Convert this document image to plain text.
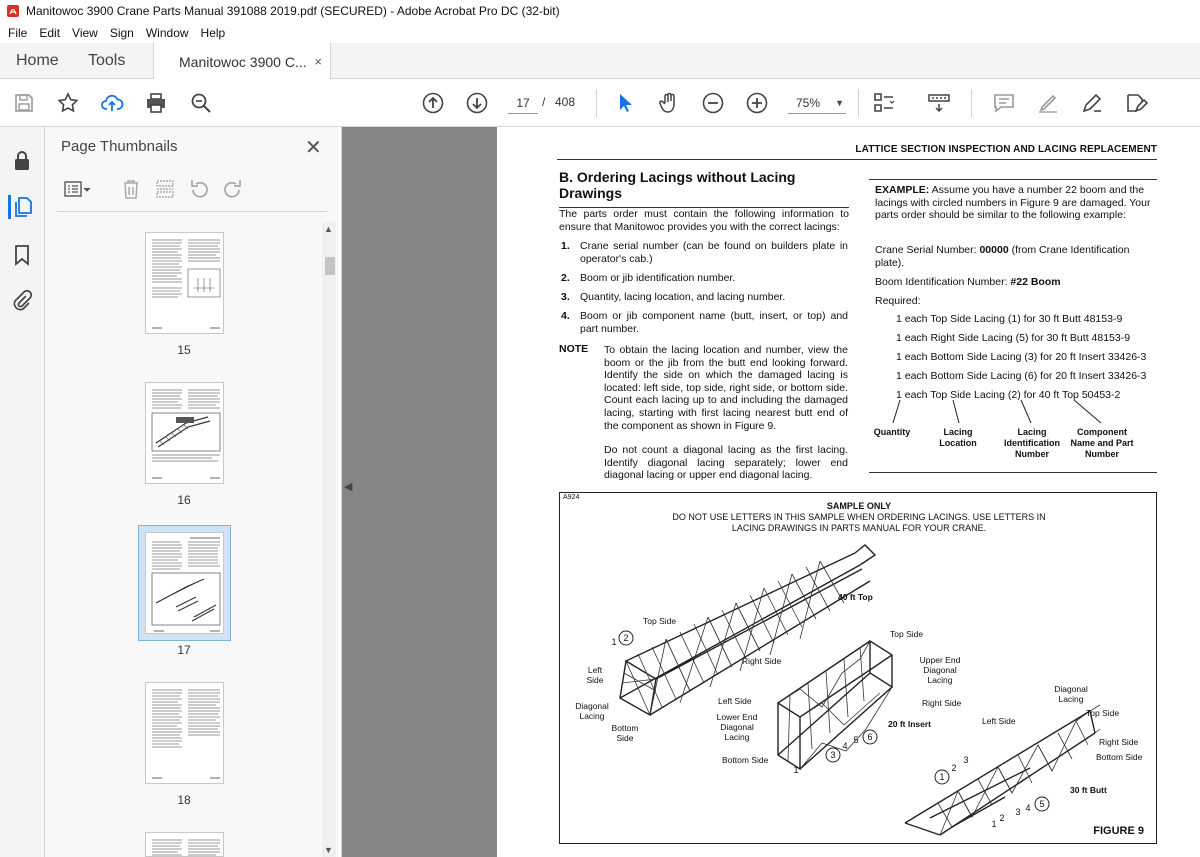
Manitowoc 3900 Crane Parts Manual 391088 2019.pdf (SECURED) - Adobe Acrobat Pro DC (32-bit)
File	Edit	View	Sign	Window	Help
Home Tools	Manitowoc 3900 C... ×
17	/ 408	75% ▼
Page Thumbnails	✕
15
16
17
18
▲
▼
◀
LATTICE SECTION INSPECTION AND LACING REPLACEMENT
B. Ordering Lacings without Lacing Drawings
The parts order must contain the following information to ensure that Manitowoc provides you with the correct lacings:
1. Crane serial number (can be found on builders plate in operator's cab.)
2. Boom or jib identification number.
3. Quantity, lacing location, and lacing number.
4. Boom or jib component name (butt, insert, or top) and part number.
NOTE To obtain the lacing location and number, view the boom or the jib from the butt end looking forward. Identify the side on which the damaged lacing is located: left side, top side, right side, or bottom side. Count each lacing up to and including the damaged lacing, starting with first lacing nearest butt end of the component as shown in Figure 9.
Do not count a diagonal lacing as the first lacing. Identify diagonal lacing separately; lower end diagonal lacing or upper end diagonal lacing.
EXAMPLE: Assume you have a number 22 boom and the lacings with circled numbers in Figure 9 are damaged. Your parts order should be similar to the following example:
Crane Serial Number: 00000 (from Crane Identification plate).
Boom Identification Number: #22 Boom
Required:
1 each Top Side Lacing (1) for 30 ft Butt 48153-9
1 each Right Side Lacing (5) for 30 ft Butt 48153-9
1 each Bottom Side Lacing (3) for 20 ft Insert 33426-3
1 each Bottom Side Lacing (6) for 20 ft Insert 33426-3
1 each Top Side Lacing (2) for 40 ft Top 50453-2
Quantity	Lacing Location
Lacing Identification Number
Component Name and Part Number
A924
SAMPLE ONLY
DO NOT USE LETTERS IN THIS SAMPLE WHEN ORDERING LACINGS. USE LETTERS IN
LACING DRAWINGS IN PARTS MANUAL FOR YOUR CRANE.
2
1
3
6
5
4
1
1
2
3
5
4
3
2
1
40 ft Top
Top Side
Right Side
Left Side
Diagonal Lacing
Bottom Side
Top Side
Upper End Diagonal Lacing
Right Side
20 ft Insert
Left Side
Lower End Diagonal Lacing
Bottom Side
Diagonal Lacing
Top Side
Left Side
Right Side
Bottom Side
30 ft Butt
FIGURE 9
